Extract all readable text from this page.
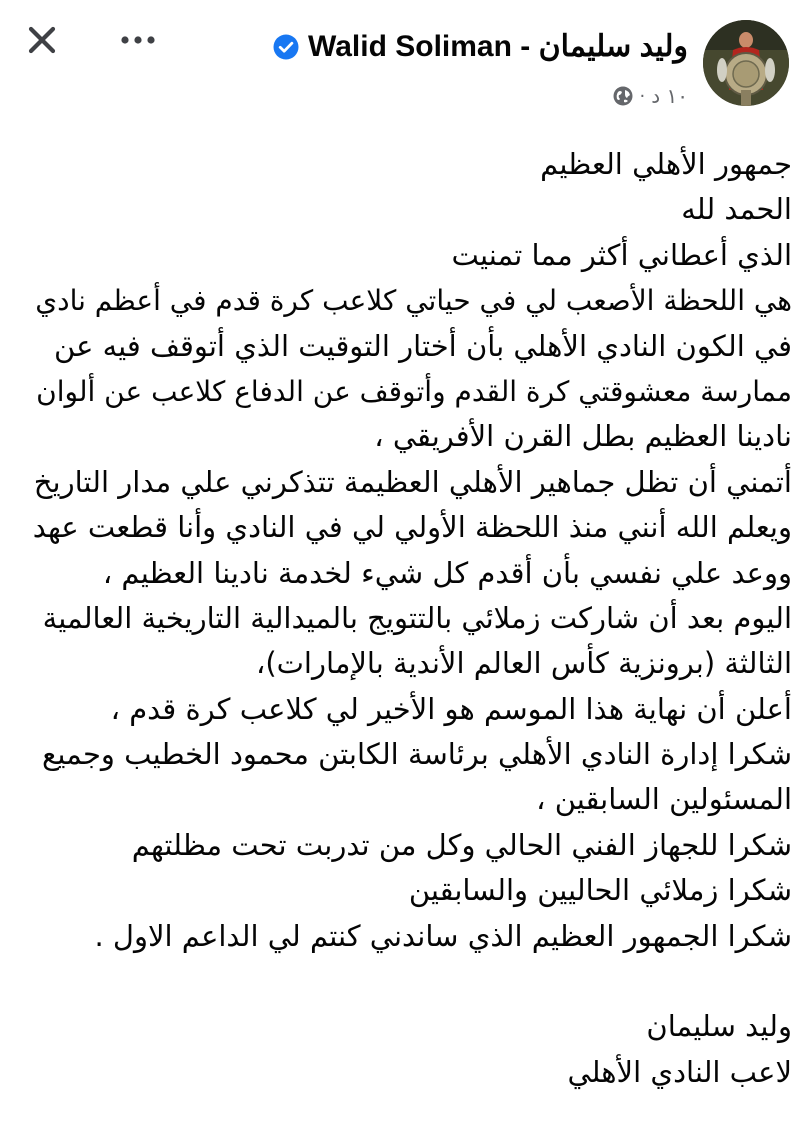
وليد سليمان - Walid Soliman
· ١٠ د
جمهور الأهلي العظيم
الحمد لله
الذي أعطاني أكثر مما تمنيت
هي اللحظة الأصعب لي في حياتي كلاعب كرة قدم في أعظم نادي
في الكون النادي الأهلي بأن أختار التوقيت الذي أتوقف فيه عن
ممارسة معشوقتي كرة القدم وأتوقف عن الدفاع كلاعب عن ألوان
نادينا العظيم بطل القرن الأفريقي ،
أتمني أن تظل جماهير الأهلي العظيمة تتذكرني علي مدار التاريخ
ويعلم الله أنني منذ اللحظة الأولي لي في النادي وأنا قطعت عهد
ووعد علي نفسي بأن أقدم كل شيء لخدمة نادينا العظيم ،
اليوم بعد أن شاركت زملائي بالتتويج بالميدالية التاريخية العالمية
الثالثة (برونزية كأس العالم الأندية بالإمارات)،
أعلن أن نهاية هذا الموسم هو الأخير لي كلاعب كرة قدم ،
شكرا إدارة النادي الأهلي برئاسة الكابتن محمود الخطيب وجميع
المسئولين السابقين ،
شكرا للجهاز الفني الحالي وكل من تدربت تحت مظلتهم
شكرا زملائي الحاليين والسابقين
شكرا الجمهور العظيم الذي ساندني كنتم لي الداعم الاول .
وليد سليمان
لاعب النادي الأهلي
